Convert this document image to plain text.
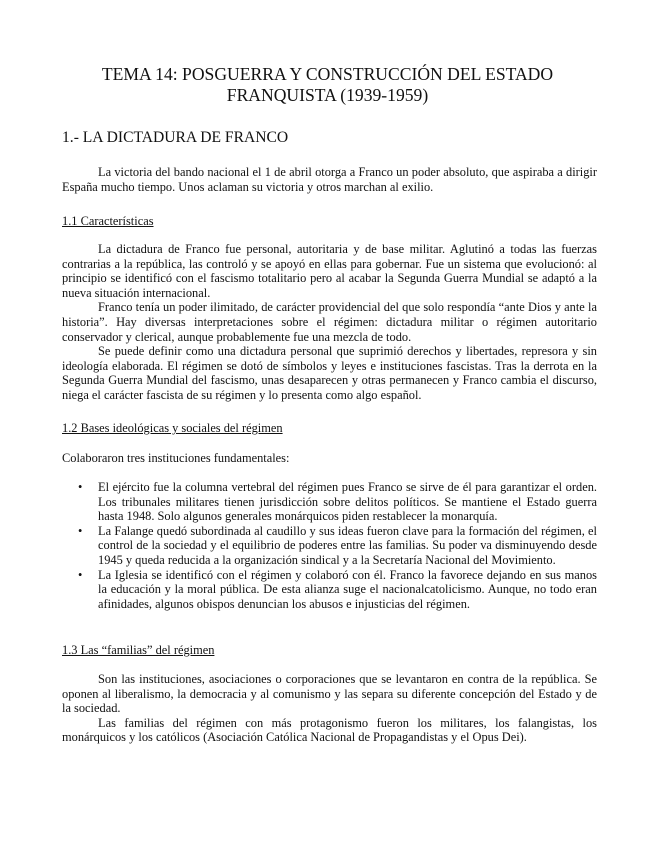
TEMA 14: POSGUERRA Y CONSTRUCCIÓN DEL ESTADO FRANQUISTA (1939-1959)
1.- LA DICTADURA DE FRANCO

La victoria del bando nacional el 1 de abril otorga a Franco un poder absoluto, que aspiraba a dirigir España mucho tiempo. Unos aclaman su victoria y otros marchan al exilio.

1.1 Características

La dictadura de Franco fue personal, autoritaria y de base militar. Aglutinó a todas las fuerzas contrarias a la república, las controló y se apoyó en ellas para gobernar. Fue un sistema que evolucionó: al principio se identificó con el fascismo totalitario pero al acabar la Segunda Guerra Mundial se adaptó a la nueva situación internacional.

Franco tenía un poder ilimitado, de carácter providencial del que solo respondía “ante Dios y ante la historia”. Hay diversas interpretaciones sobre el régimen: dictadura militar o régimen autoritario conservador y clerical, aunque probablemente fue una mezcla de todo.

Se puede definir como una dictadura personal que suprimió derechos y libertades, represora y sin ideología elaborada. El régimen se dotó de símbolos y leyes e instituciones fascistas. Tras la derrota en la Segunda Guerra Mundial del fascismo, unas desaparecen y otras permanecen y Franco cambia el discurso, niega el carácter fascista de su régimen y lo presenta como algo español.

1.2 Bases ideológicas y sociales del régimen

Colaboraron tres instituciones fundamentales:

• El ejército fue la columna vertebral del régimen pues Franco se sirve de él para garantizar el orden. Los tribunales militares tienen jurisdicción sobre delitos políticos. Se mantiene el Estado guerra hasta 1948. Solo algunos generales monárquicos piden restablecer la monarquía.
• La Falange quedó subordinada al caudillo y sus ideas fueron clave para la formación del régimen, el control de la sociedad y el equilibrio de poderes entre las familias. Su poder va disminuyendo desde 1945 y queda reducida a la organización sindical y a la Secretaría Nacional del Movimiento.
• La Iglesia se identificó con el régimen y colaboró con él. Franco la favorece dejando en sus manos la educación y la moral pública. De esta alianza suge el nacionalcatolicismo. Aunque, no todo eran afinidades, algunos obispos denuncian los abusos e injusticias del régimen.

1.3 Las “familias” del régimen

Son las instituciones, asociaciones o corporaciones que se levantaron en contra de la república. Se oponen al liberalismo, la democracia y al comunismo y las separa su diferente concepción del Estado y de la sociedad.

Las familias del régimen con más protagonismo fueron los militares, los falangistas, los monárquicos y los católicos (Asociación Católica Nacional de Propagandistas y el Opus Dei).
